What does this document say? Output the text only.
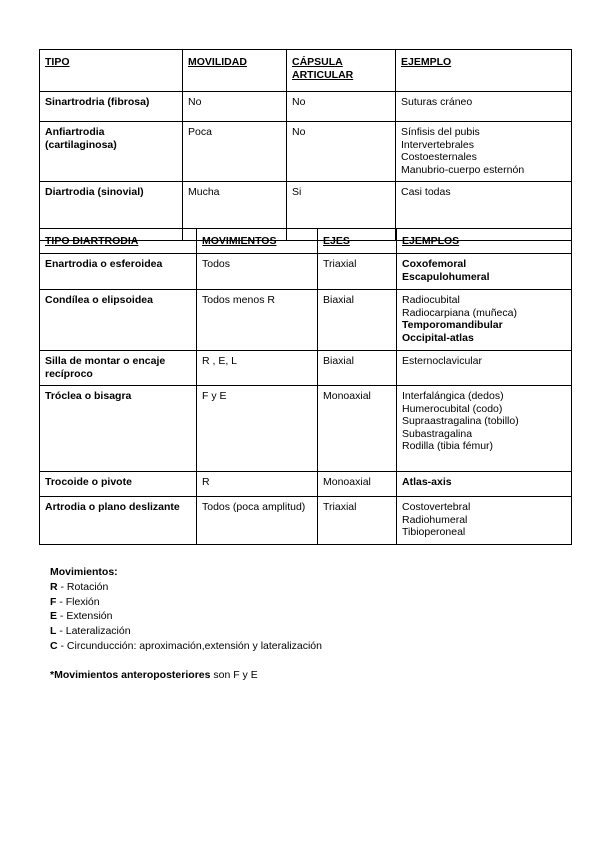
TIPO	MOVILIDAD	CÁPSULA ARTICULAR	EJEMPLO
Sinartrodria (fibrosa)	No	No	Suturas cráneo

Anfiartrodia (cartilaginosa)	Poca	No	Sínfisis del pubis
Intervertebrales
Costoesternales
Manubrio-cuerpo esternón

Diartrodia (sinovial)	Mucha	Si	Casi todas
TIPO DIARTRODIA	MOVIMIENTOS	EJES	EJEMPLOS
Enartrodia o esferoidea	Todos	Triaxial	Coxofemoral
Escapulohumeral

Condílea o elipsoidea	Todos menos R	Biaxial	Radiocubital
Radiocarpiana (muñeca)
Temporomandibular
Occipital-atlas

Silla de montar o encaje recíproco	R , E, L	Biaxial	Esternoclavicular

Tróclea o bisagra	F y E	Monoaxial	Interfalángica (dedos)
Humerocubital (codo)
Supraastragalina (tobillo)
Subastragalina
Rodilla (tibia fémur)

Trocoide o pivote	R	Monoaxial	Atlas-axis

Artrodia o plano deslizante	Todos (poca amplitud)	Triaxial	Costovertebral
Radiohumeral
Tibioperoneal
Movimientos:
R - Rotación
F - Flexión
E - Extensión
L - Lateralización
C - Circunducción: aproximación,extensión y lateralización
*Movimientos anteroposteriores son F y E
